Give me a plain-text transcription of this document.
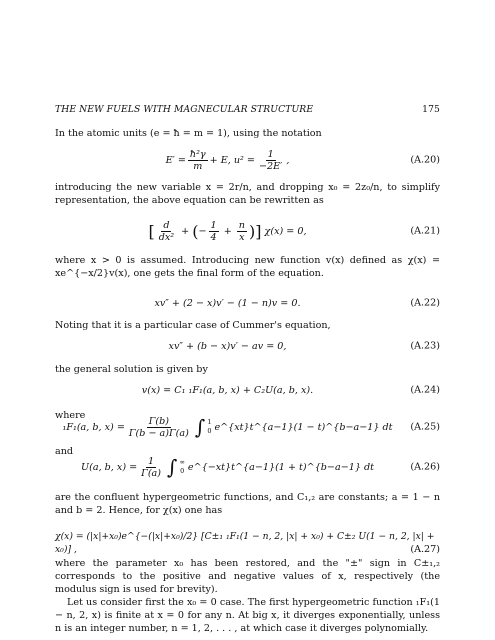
THE NEW FUELS WITH MAGNECULAR STRUCTURE	175
In the atomic units (e = ħ = m = 1), using the notation
$E' = \frac{\text{ħ²γ}}{m} + E$, $u^2 = \frac{1}{-2E'}$ ,	(A.20)
introducing the new variable x = 2r/n, and dropping x₀ = 2z₀/n, to simplify representation, the above equation can be rewritten as
[ $\frac{d}{\text{dx²}}$ + ( − $\frac{1}{4} + \frac{n}{x}$ ) ]
χ(x) = 0,	(A.21)
where x > 0 is assumed. Introducing new function v(x) defined as χ(x) = xe^{−x/2}v(x), one gets the final form of the equation.
xv″ + (2 − x)v′ − (1 − n)v = 0.	(A.22)
Noting that it is a particular case of Cummer's equation,
xv″ + (b − x)v′ − av = 0,	(A.23)
the general solution is given by
v(x) = C₁ ₁F₁(a, b, x) + C₂U(a, b, x).	(A.24)
where
₁F₁(a, b, $x) = \frac{\Gamma(b)}{\Gamma(b - a)\Gamma(a)}$ ∫ 1
0 e^{xt}t^{a−1}(1 − t)^{b−a−1} dt (A.25)
and
U(a, b, $x) = \frac{1}{\Gamma(a)}$ ∫ ∞
0 e^{−xt}t^{a−1}(1 + t)^{b−a−1} dt	(A.26)
are the confluent hypergeometric functions, and C₁,₂ are constants; a = 1 − n and b = 2. Hence, for χ(x) one has
χ(x) = (|x|+x₀)e^{−(|x|+x₀)/2} [C±₁ ₁F₁(1 − n, 2, |x| + x₀) + C±₂ U(1 − n, 2, |x| + x₀)] ,	(A.27)
where the parameter x₀ has been restored, and the "±" sign in C±₁,₂ corresponds to the positive and negative values of x, respectively (the modulus sign is used for brevity).
Let us consider first the x₀ = 0 case. The first hypergeometric function ₁F₁(1 − n, 2, x) is finite at x = 0 for any n. At big x, it diverges exponentially, unless n is an integer number, n = 1, 2, . . . , at which case it diverges polynomially.
